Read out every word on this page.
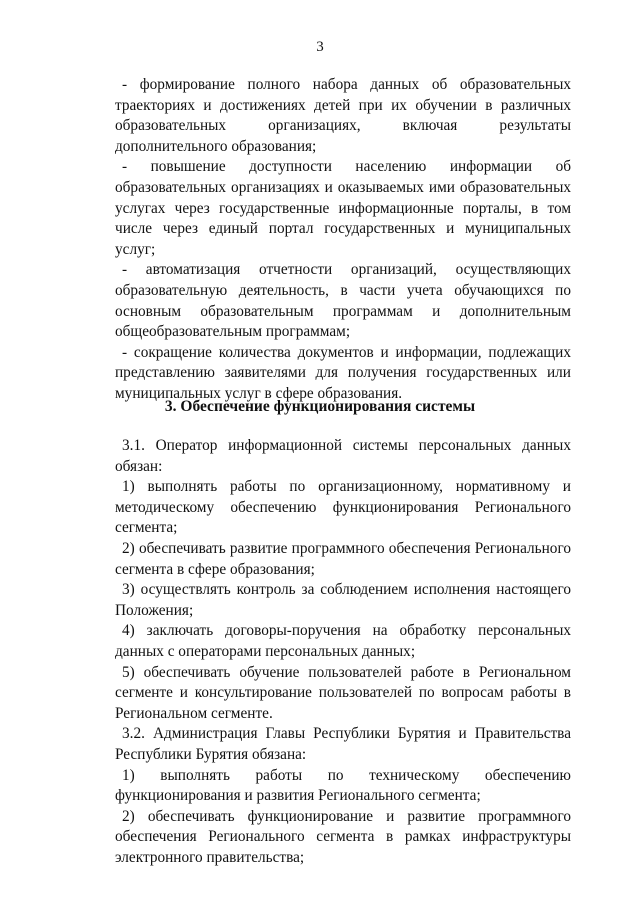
3

- формирование полного набора данных об образовательных траекториях и достижениях детей при их обучении в различных образовательных организациях, включая результаты дополнительного образования;

- повышение доступности населению информации об образовательных организациях и оказываемых ими образовательных услугах через государственные информационные порталы, в том числе через единый портал государственных и муниципальных услуг;

- автоматизация отчетности организаций, осуществляющих образовательную деятельность, в части учета обучающихся по основным образовательным программам и дополнительным общеобразовательным программам;

- сокращение количества документов и информации, подлежащих представлению заявителями для получения государственных или муниципальных услуг в сфере образования.

3. Обеспечение функционирования системы

3.1. Оператор информационной системы персональных данных обязан:

1) выполнять работы по организационному, нормативному и методическому обеспечению функционирования Регионального сегмента;

2) обеспечивать развитие программного обеспечения Регионального сегмента в сфере образования;

3) осуществлять контроль за соблюдением исполнения настоящего Положения;

4) заключать договоры-поручения на обработку персональных данных с операторами персональных данных;

5) обеспечивать обучение пользователей работе в Региональном сегменте и консультирование пользователей по вопросам работы в Региональном сегменте.

3.2. Администрация Главы Республики Бурятия и Правительства Республики Бурятия обязана:

1) выполнять работы по техническому обеспечению функционирования и развития Регионального сегмента;

2) обеспечивать функционирование и развитие программного обеспечения Регионального сегмента в рамках инфраструктуры электронного правительства;
